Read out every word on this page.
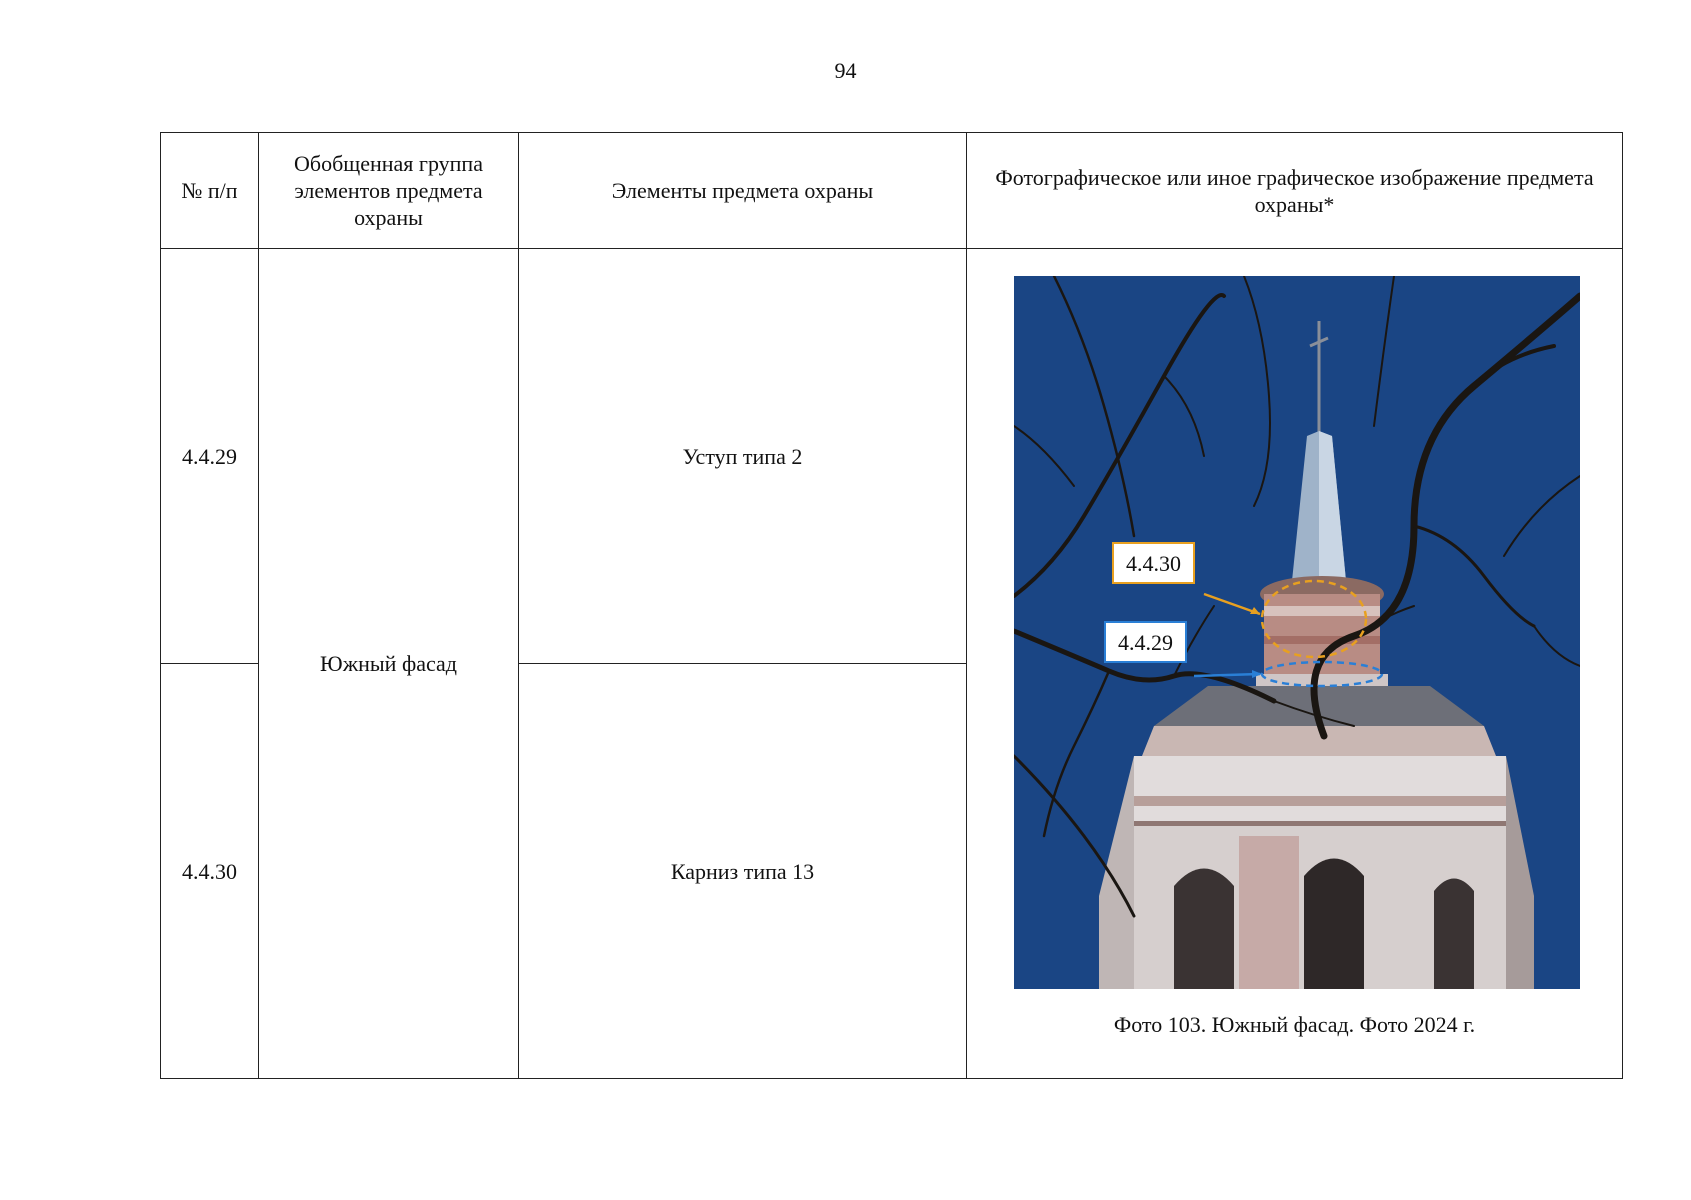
94
№ п/п	Обобщенная группа элементов предмета охраны	Элементы предмета охраны	Фотографическое или иное графическое изображение предмета охраны*
4.4.29	Южный фасад	Уступ типа 2	4.4.30
4.4.29
Фото 103. Южный фасад. Фото 2024 г.

4.4.30		Карниз типа 13	
